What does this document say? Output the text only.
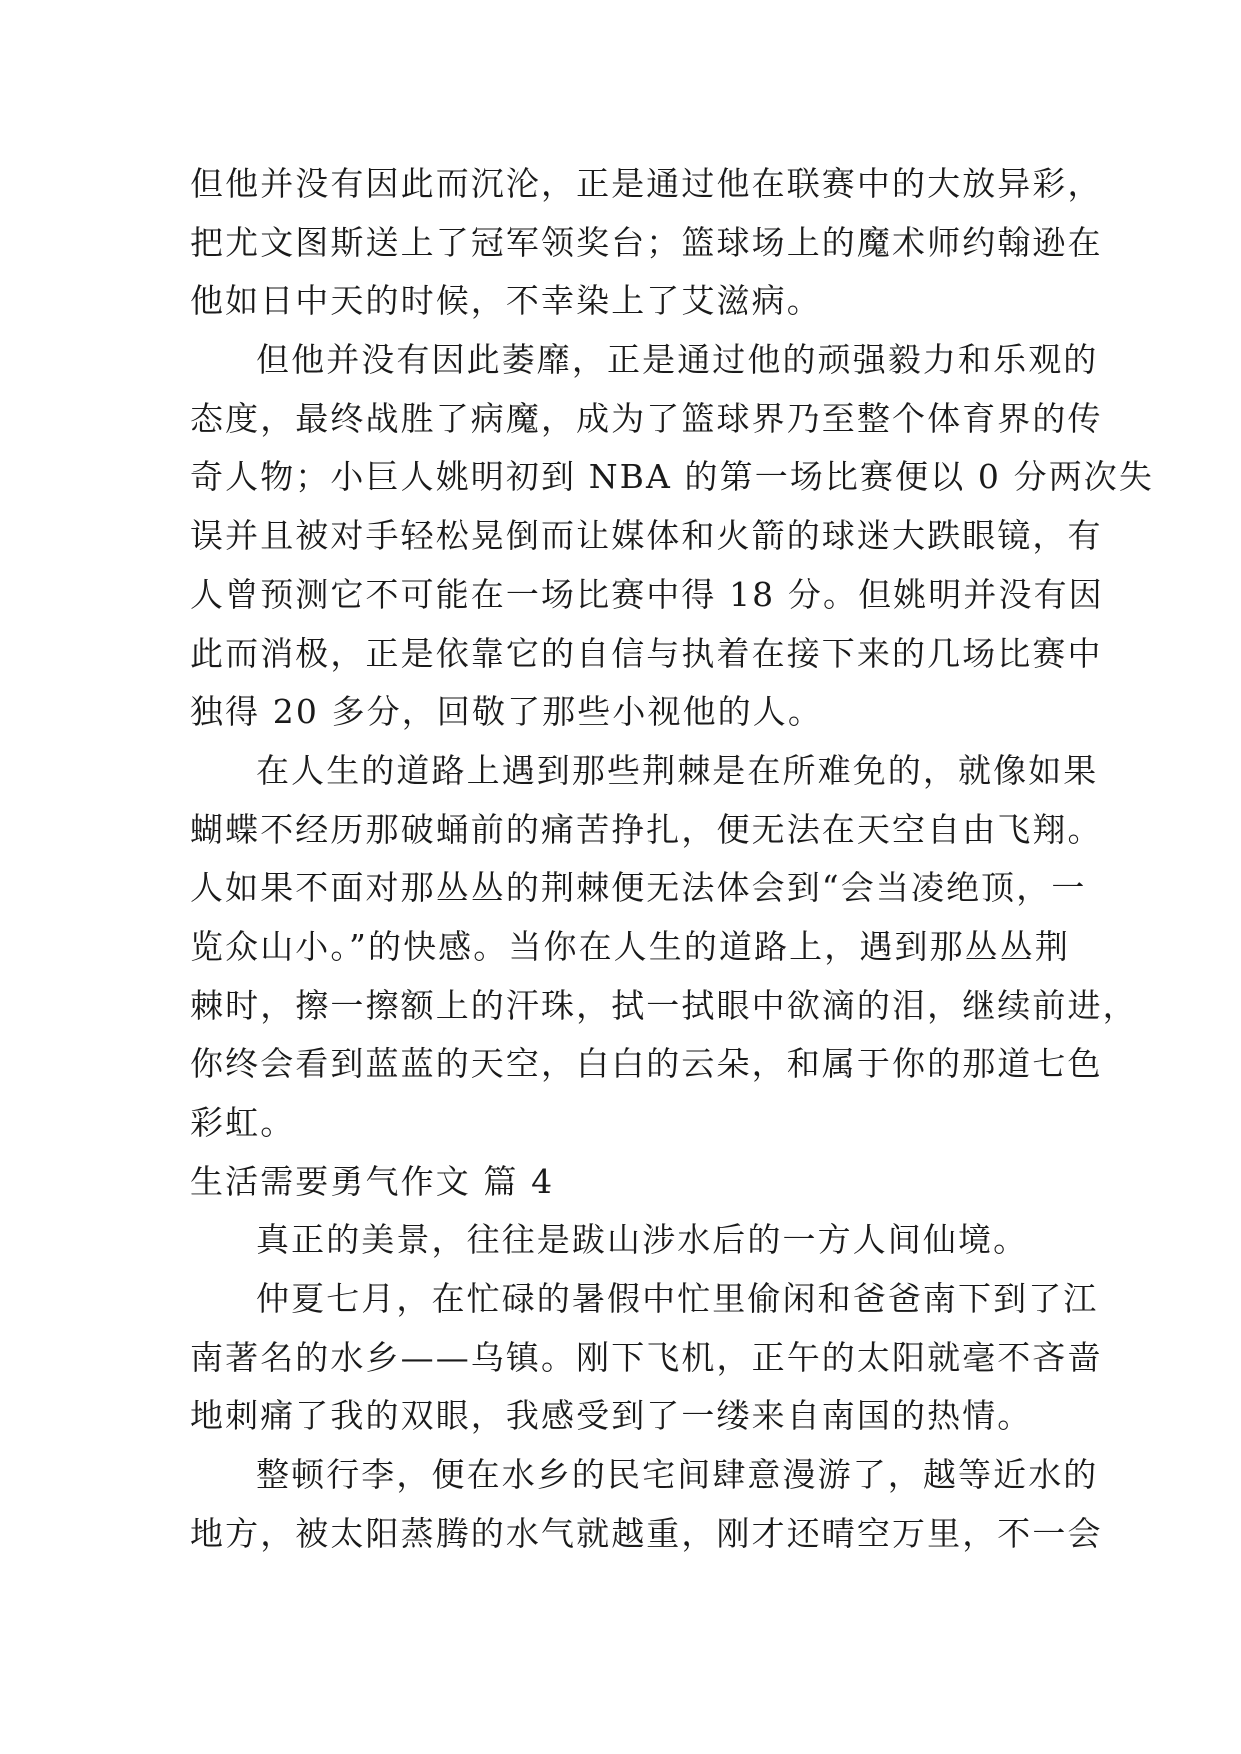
但他并没有因此而沉沦，正是通过他在联赛中的大放异彩，
把尤文图斯送上了冠军领奖台；篮球场上的魔术师约翰逊在
他如日中天的时候，不幸染上了艾滋病。
但他并没有因此萎靡，正是通过他的顽强毅力和乐观的
态度，最终战胜了病魔，成为了篮球界乃至整个体育界的传
奇人物；小巨人姚明初到 NBA 的第一场比赛便以 0 分两次失
误并且被对手轻松晃倒而让媒体和火箭的球迷大跌眼镜，有
人曾预测它不可能在一场比赛中得 18 分。但姚明并没有因
此而消极，正是依靠它的自信与执着在接下来的几场比赛中
独得 20 多分，回敬了那些小视他的人。
在人生的道路上遇到那些荆棘是在所难免的，就像如果
蝴蝶不经历那破蛹前的痛苦挣扎，便无法在天空自由飞翔。
人如果不面对那丛丛的荆棘便无法体会到“会当凌绝顶，一
览众山小。”的快感。当你在人生的道路上，遇到那丛丛荆
棘时，擦一擦额上的汗珠，拭一拭眼中欲滴的泪，继续前进，
你终会看到蓝蓝的天空，白白的云朵，和属于你的那道七色
彩虹。
生活需要勇气作文 篇 4
真正的美景，往往是跋山涉水后的一方人间仙境。
仲夏七月，在忙碌的暑假中忙里偷闲和爸爸南下到了江
南著名的水乡——乌镇。刚下飞机，正午的太阳就毫不吝啬
地刺痛了我的双眼，我感受到了一缕来自南国的热情。
整顿行李，便在水乡的民宅间肆意漫游了，越等近水的
地方，被太阳蒸腾的水气就越重，刚才还晴空万里，不一会
